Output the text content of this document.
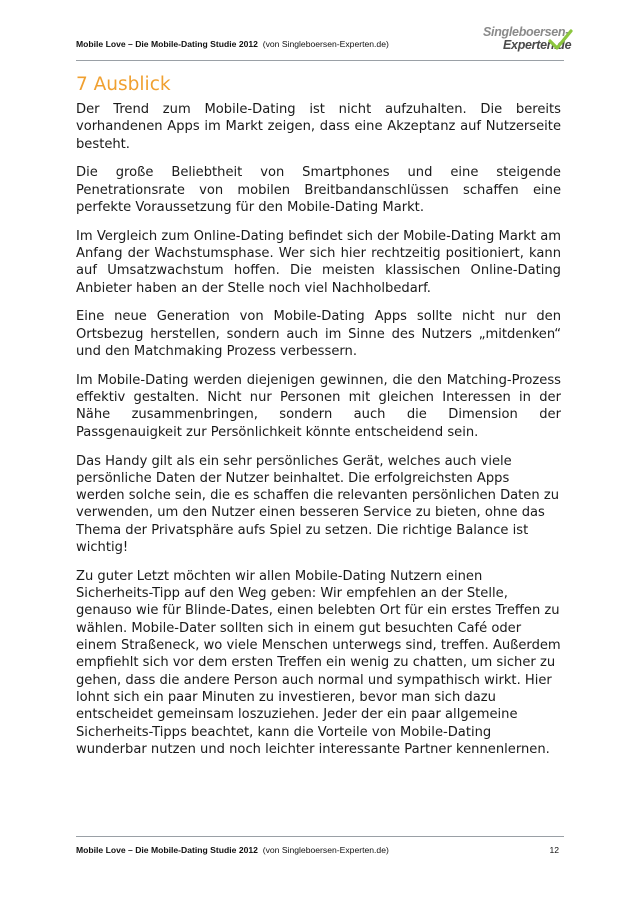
Mobile Love – Die Mobile-Dating Studie 2012 (von Singleboersen-Experten.de)
Singleboersen-
Experten.de
7 Ausblick

Der Trend zum Mobile-Dating ist nicht aufzuhalten. Die bereits vorhandenen Apps im Markt zeigen, dass eine Akzeptanz auf Nutzerseite besteht.

Die große Beliebtheit von Smartphones und eine steigende Penetrationsrate von mobilen Breitbandanschlüssen schaffen eine perfekte Voraussetzung für den Mobile-Dating Markt.

Im Vergleich zum Online-Dating befindet sich der Mobile-Dating Markt am Anfang der Wachstumsphase. Wer sich hier rechtzeitig positioniert, kann auf Umsatzwachstum hoffen. Die meisten klassischen Online-Dating Anbieter haben an der Stelle noch viel Nachholbedarf.

Eine neue Generation von Mobile-Dating Apps sollte nicht nur den Ortsbezug herstellen, sondern auch im Sinne des Nutzers „mitdenken“ und den Matchmaking Prozess verbessern.

Im Mobile-Dating werden diejenigen gewinnen, die den Matching-Prozess effektiv gestalten. Nicht nur Personen mit gleichen Interessen in der Nähe zusammenbringen, sondern auch die Dimension der Passgenauigkeit zur Persönlichkeit könnte entscheidend sein.

Das Handy gilt als ein sehr persönliches Gerät, welches auch viele persönliche Daten der Nutzer beinhaltet. Die erfolgreichsten Apps werden solche sein, die es schaffen die relevanten persönlichen Daten zu verwenden, um den Nutzer einen besseren Service zu bieten, ohne das Thema der Privatsphäre aufs Spiel zu setzen. Die richtige Balance ist wichtig!

Zu guter Letzt möchten wir allen Mobile-Dating Nutzern einen Sicherheits-Tipp auf den Weg geben: Wir empfehlen an der Stelle, genauso wie für Blinde-Dates, einen belebten Ort für ein erstes Treffen zu wählen. Mobile-Dater sollten sich in einem gut besuchten Café oder einem Straßeneck, wo viele Menschen unterwegs sind, treffen. Außerdem empfiehlt sich vor dem ersten Treffen ein wenig zu chatten, um sicher zu gehen, dass die andere Person auch normal und sympathisch wirkt. Hier lohnt sich ein paar Minuten zu investieren, bevor man sich dazu entscheidet gemeinsam loszuziehen. Jeder der ein paar allgemeine Sicherheits-Tipps beachtet, kann die Vorteile von Mobile-Dating wunderbar nutzen und noch leichter interessante Partner kennenlernen.

Mobile Love – Die Mobile-Dating Studie 2012 (von Singleboersen-Experten.de)	12
